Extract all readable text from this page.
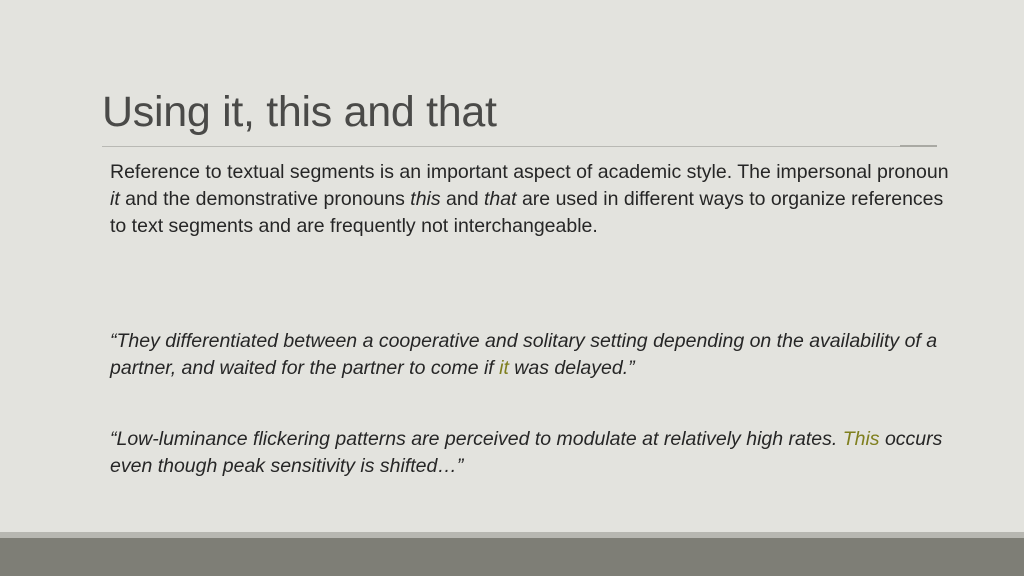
Using it, this and that

Reference to textual segments is an important aspect of academic style. The impersonal pronoun it and the demonstrative pronouns this and that are used in different ways to organize references to text segments and are frequently not interchangeable.

“They differentiated between a cooperative and solitary setting depending on the availability of a partner, and waited for the partner to come if it was delayed.”

“Low-luminance flickering patterns are perceived to modulate at relatively high rates. This occurs even though peak sensitivity is shifted…”
